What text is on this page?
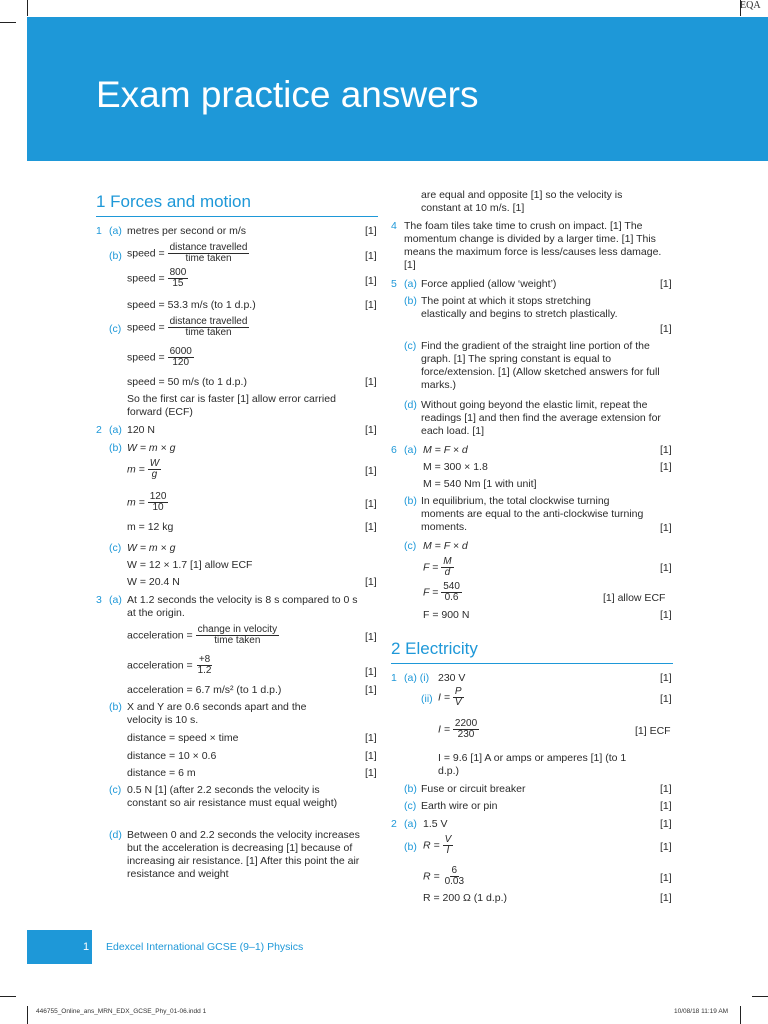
EQA
Exam practice answers
1 Forces and motion
1 (a) metres per second or m/s	[1]
(b) speed = $\frac{\text{distance travelled}}{\text{time taken}}$	[1]
speed = $\frac{800}{15}$	[1]
speed = 53.3 m/s (to 1 d.p.)	[1]
(c) speed = $\frac{\text{distance travelled}}{\text{time taken}}$
speed = $\frac{6000}{120}$
speed = 50 m/s (to 1 d.p.)	[1]
So the first car is faster [1] allow error carried forward (ECF)
2 (a) 120 N	[1]
(b) W = m × g
$m = \frac{W}{g}$	[1]
$m = \frac{120}{10}$	[1]
m = 12 kg	[1]
(c) W = m × g
W = 12 × 1.7 [1] allow ECF
W = 20.4 N	[1]
3 (a) At 1.2 seconds the velocity is 8 s compared to 0 s at the origin.
acceleration = $\frac{\text{change in velocity}}{\text{time taken}}$	[1]
acceleration = $\frac{+8}{1.2}$	[1]
acceleration = 6.7 m/s² (to 1 d.p.)	[1]
(b) X and Y are 0.6 seconds apart and the velocity is 10 s.
distance = speed × time	[1]
distance = 10 × 0.6	[1]
distance = 6 m	[1]
(c) 0.5 N [1] (after 2.2 seconds the velocity is constant so air resistance must equal weight)
(d) Between 0 and 2.2 seconds the velocity increases but the acceleration is decreasing [1] because of increasing air resistance. [1] After this point the air resistance and weight
are equal and opposite [1] so the velocity is constant at 10 m/s. [1]
4 The foam tiles take time to crush on impact. [1] The momentum change is divided by a larger time. [1] This means the maximum force is less/causes less damage. [1]
5 (a) Force applied (allow ‘weight’)	[1]
(b) The point at which it stops stretching elastically and begins to stretch plastically.
[1]
(c) Find the gradient of the straight line portion of the graph. [1] The spring constant is equal to force/extension. [1] (Allow sketched answers for full marks.)
(d) Without going beyond the elastic limit, repeat the readings [1] and then find the average extension for each load. [1]
6 (a) M = F × d	[1]
M = 300 × 1.8	[1]
M = 540 Nm [1 with unit]
(b) In equilibrium, the total clockwise turning moments are equal to the anti-clockwise turning moments.	[1]
(c) M = F × d
$F = \frac{M}{d}$	[1]
$F = \frac{540}{0.6}$	[1] allow ECF
F = 900 N	[1]
2 Electricity
1 (a) (i) 230 V	[1]
(ii) $I = \frac{P}{V}$	[1]
$I = \frac{2200}{230}$	[1] ECF
I = 9.6 [1] A or amps or amperes [1] (to 1 d.p.)
(b) Fuse or circuit breaker	[1]
(c) Earth wire or pin	[1]
2 (a) 1.5 V	[1]
(b) $R = \frac{V}{I}$	[1]
$R = \frac{6}{0.03}$	[1]
R = 200 Ω (1 d.p.)	[1]
1 Edexcel International GCSE (9–1) Physics
446755_Online_ans_MRN_EDX_GCSE_Phy_01-06.indd 1	10/08/18 11:19 AM
